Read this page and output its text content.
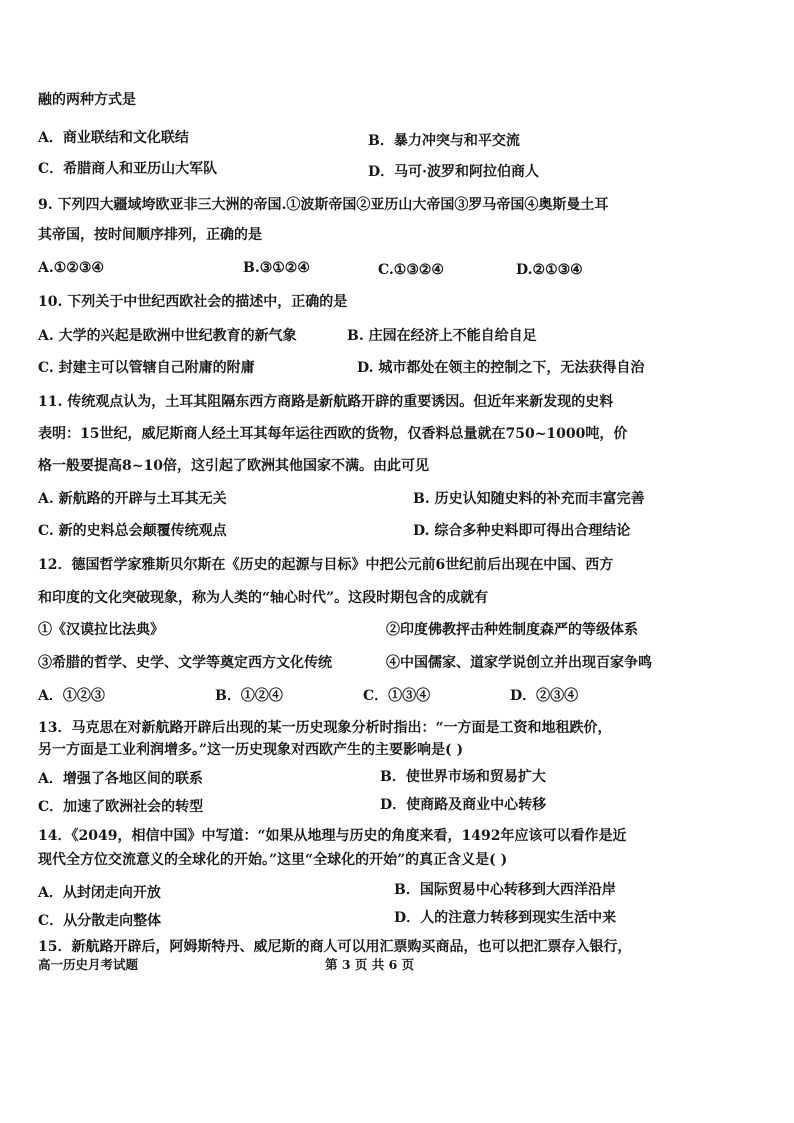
融的两种方式是
A．商业联结和文化联结	B．暴力冲突与和平交流
C．希腊商人和亚历山大军队	D．马可·波罗和阿拉伯商人
9. 下列四大疆域垮欧亚非三大洲的帝国.①波斯帝国②亚历山大帝国③罗马帝国④奥斯曼土耳
其帝国，按时间顺序排列，正确的是
A.①②③④	B.③①②④	C.①③②④	D.②①③④
10. 下列关于中世纪西欧社会的描述中，正确的是
A. 大学的兴起是欧洲中世纪教育的新气象	B. 庄园在经济上不能自给自足
C. 封建主可以管辖自己附庸的附庸	D. 城市都处在领主的控制之下，无法获得自治
11. 传统观点认为，土耳其阻隔东西方商路是新航路开辟的重要诱因。但近年来新发现的史料
表明：15世纪，威尼斯商人经土耳其每年运往西欧的货物，仅香料总量就在750~1000吨，价
格一般要提高8~10倍，这引起了欧洲其他国家不满。由此可见
A. 新航路的开辟与土耳其无关	B. 历史认知随史料的补充而丰富完善
C. 新的史料总会颠覆传统观点	D. 综合多种史料即可得出合理结论
12．德国哲学家雅斯贝尔斯在《历史的起源与目标》中把公元前6世纪前后出现在中国、西方
和印度的文化突破现象，称为人类的“轴心时代”。这段时期包含的成就有
①《汉谟拉比法典》	②印度佛教抨击种姓制度森严的等级体系
③希腊的哲学、史学、文学等奠定西方文化传统	④中国儒家、道家学说创立并出现百家争鸣
A．①②③	B．①②④	C．①③④	D．②③④
13．马克思在对新航路开辟后出现的某一历史现象分析时指出：“一方面是工资和地租跌价，
另一方面是工业利润增多。”这一历史现象对西欧产生的主要影响是( )
A．增强了各地区间的联系	B．使世界市场和贸易扩大
C．加速了欧洲社会的转型	D．使商路及商业中心转移
14．《2049，相信中国》中写道：“如果从地理与历史的角度来看，1492年应该可以看作是近
现代全方位交流意义的全球化的开始。”这里“全球化的开始”的真正含义是( )
A．从封闭走向开放	B．国际贸易中心转移到大西洋沿岸
C．从分散走向整体	D．人的注意力转移到现实生活中来
15．新航路开辟后，阿姆斯特丹、威尼斯的商人可以用汇票购买商品，也可以把汇票存入银行，
高一历史月考试题	第 3 页 共 6 页
